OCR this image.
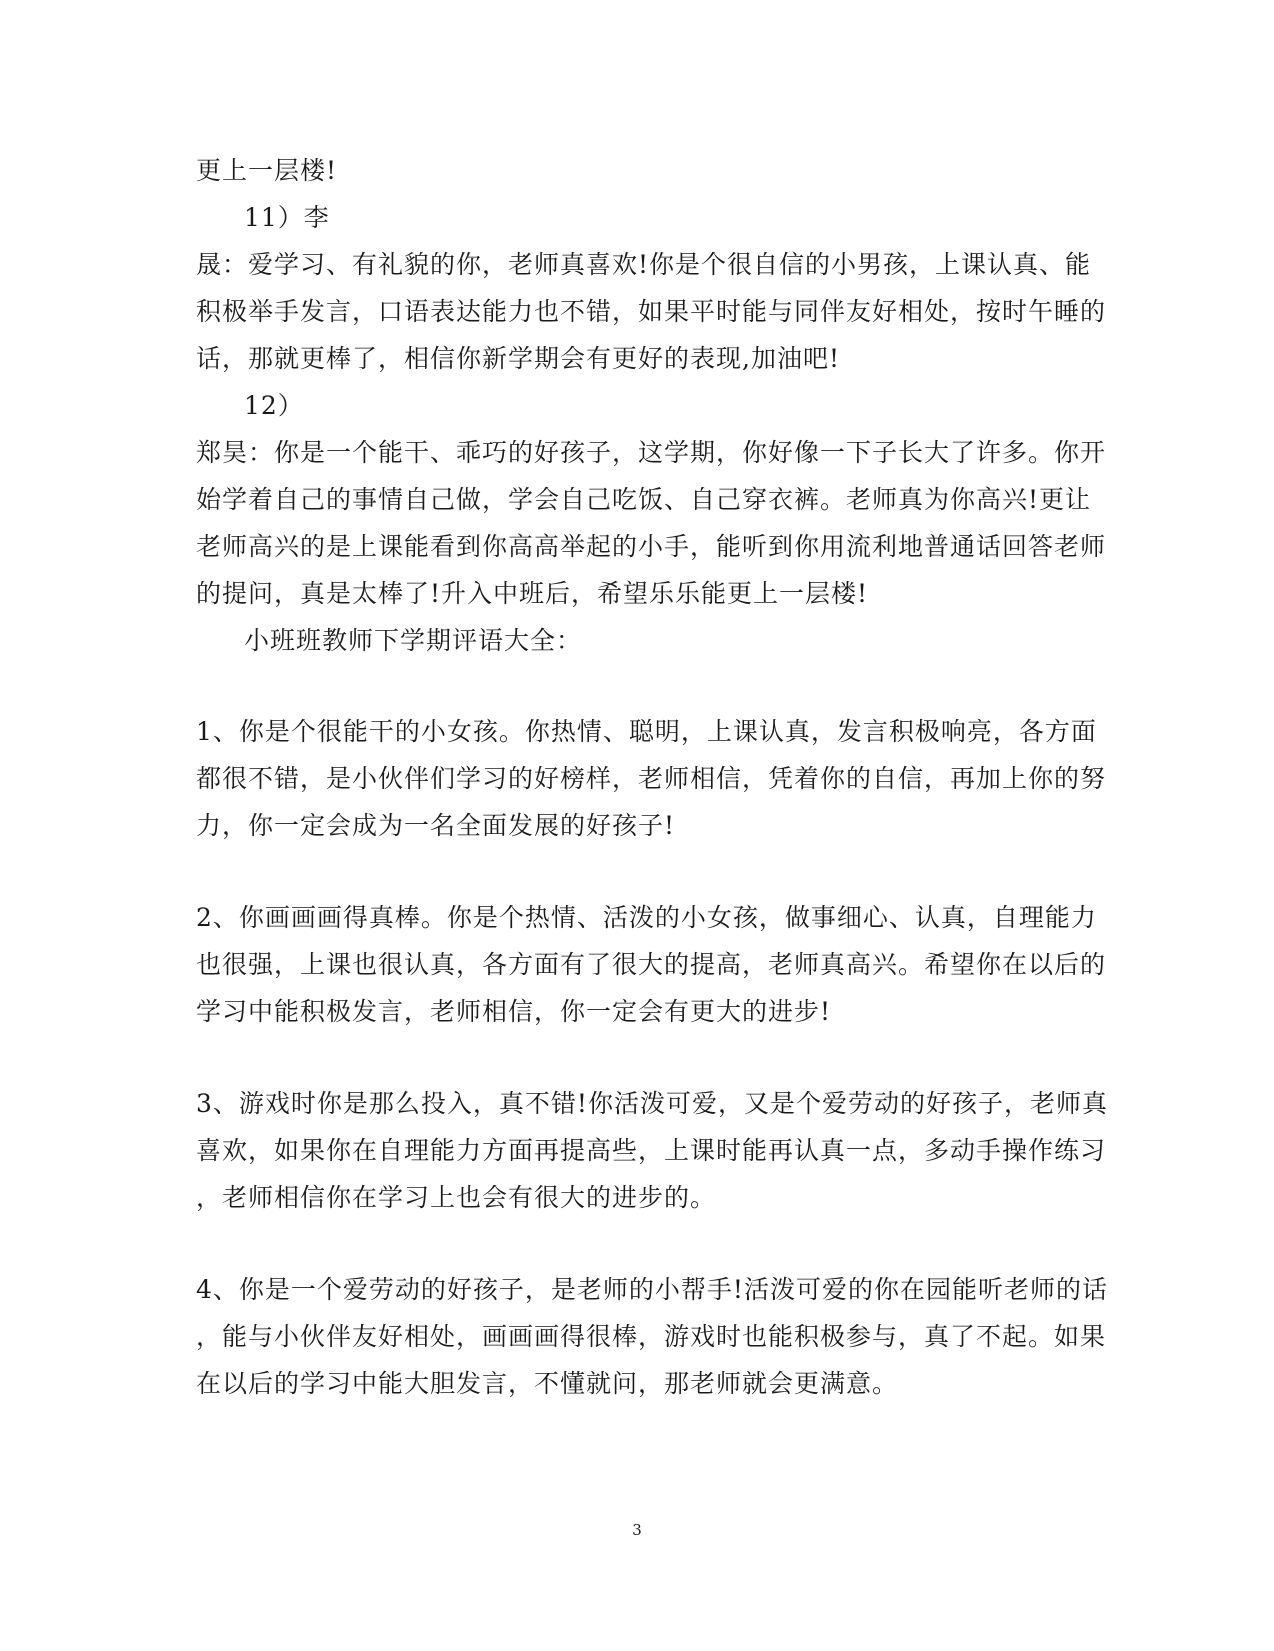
更上一层楼!
11）李
晟：爱学习、有礼貌的你，老师真喜欢!你是个很自信的小男孩，上课认真、能
积极举手发言，口语表达能力也不错，如果平时能与同伴友好相处，按时午睡的
话，那就更棒了，相信你新学期会有更好的表现,加油吧!
12）
郑昊：你是一个能干、乖巧的好孩子，这学期，你好像一下子长大了许多。你开
始学着自己的事情自己做，学会自己吃饭、自己穿衣裤。老师真为你高兴!更让
老师高兴的是上课能看到你高高举起的小手，能听到你用流利地普通话回答老师
的提问，真是太棒了!升入中班后，希望乐乐能更上一层楼!
小班班教师下学期评语大全：
1、你是个很能干的小女孩。你热情、聪明，上课认真，发言积极响亮，各方面
都很不错，是小伙伴们学习的好榜样，老师相信，凭着你的自信，再加上你的努
力，你一定会成为一名全面发展的好孩子!
2、你画画画得真棒。你是个热情、活泼的小女孩，做事细心、认真，自理能力
也很强，上课也很认真，各方面有了很大的提高，老师真高兴。希望你在以后的
学习中能积极发言，老师相信，你一定会有更大的进步!
3、游戏时你是那么投入，真不错!你活泼可爱，又是个爱劳动的好孩子，老师真
喜欢，如果你在自理能力方面再提高些，上课时能再认真一点，多动手操作练习
，老师相信你在学习上也会有很大的进步的。
4、你是一个爱劳动的好孩子，是老师的小帮手!活泼可爱的你在园能听老师的话
，能与小伙伴友好相处，画画画得很棒，游戏时也能积极参与，真了不起。如果
在以后的学习中能大胆发言，不懂就问，那老师就会更满意。
3
